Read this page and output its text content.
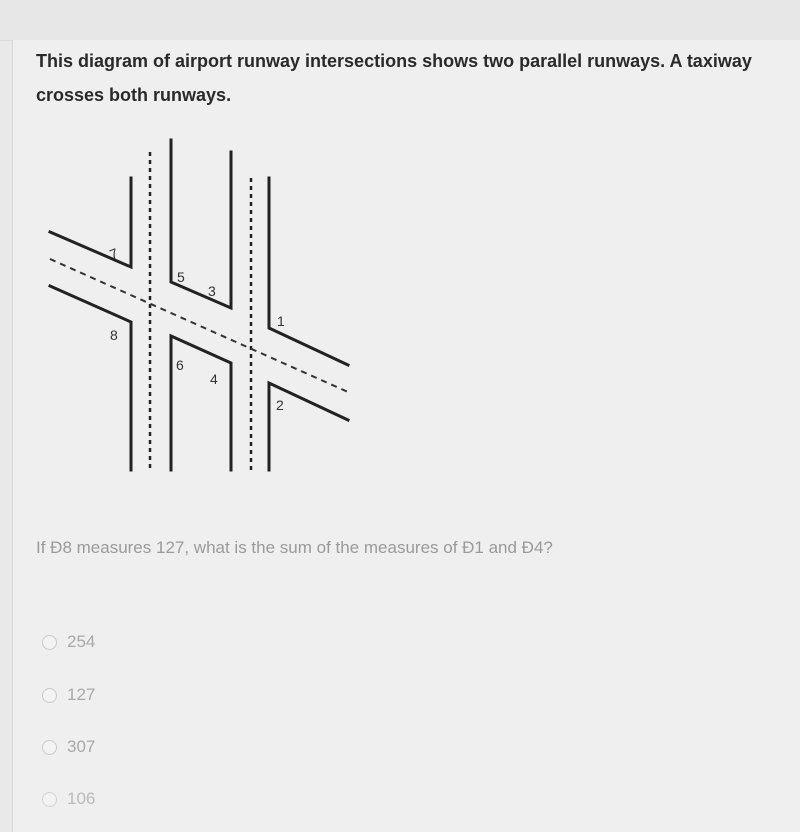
This diagram of airport runway intersections shows two parallel runways. A taxiway
crosses both runways.
7
5
3
1
8
6
4
2
If Ð8 measures 127, what is the sum of the measures of Ð1 and Ð4?
254
127
307
106
